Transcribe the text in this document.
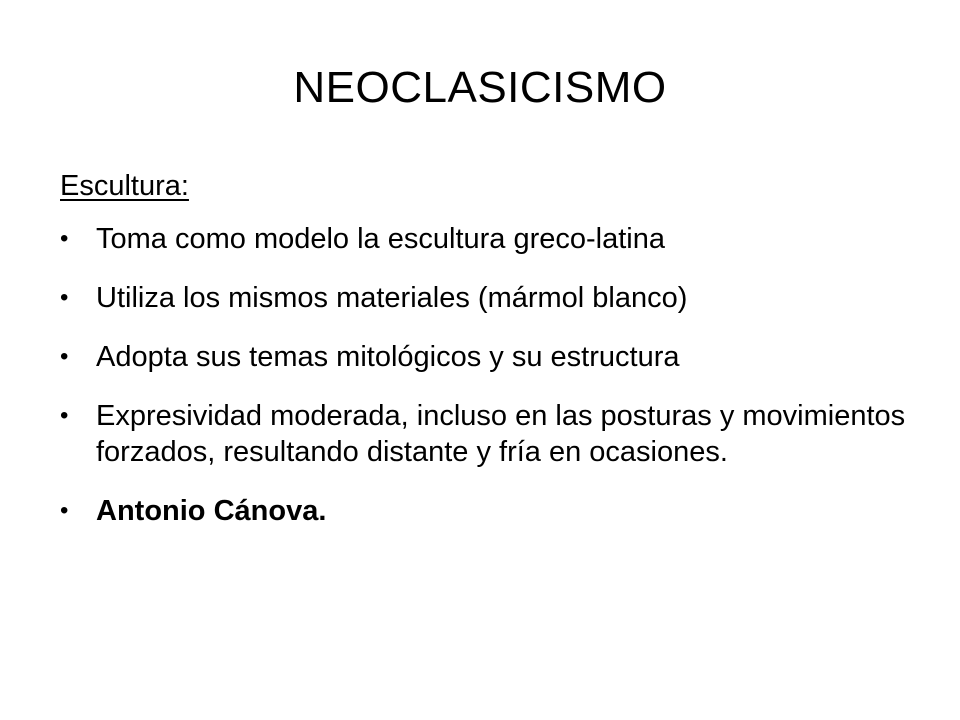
NEOCLASICISMO

Escultura:

• Toma como modelo la escultura greco-latina
• Utiliza los mismos materiales (mármol blanco)
• Adopta sus temas mitológicos y su estructura
• Expresividad moderada, incluso en las posturas y movimientos forzados, resultando distante y fría en ocasiones.
• Antonio Cánova.
